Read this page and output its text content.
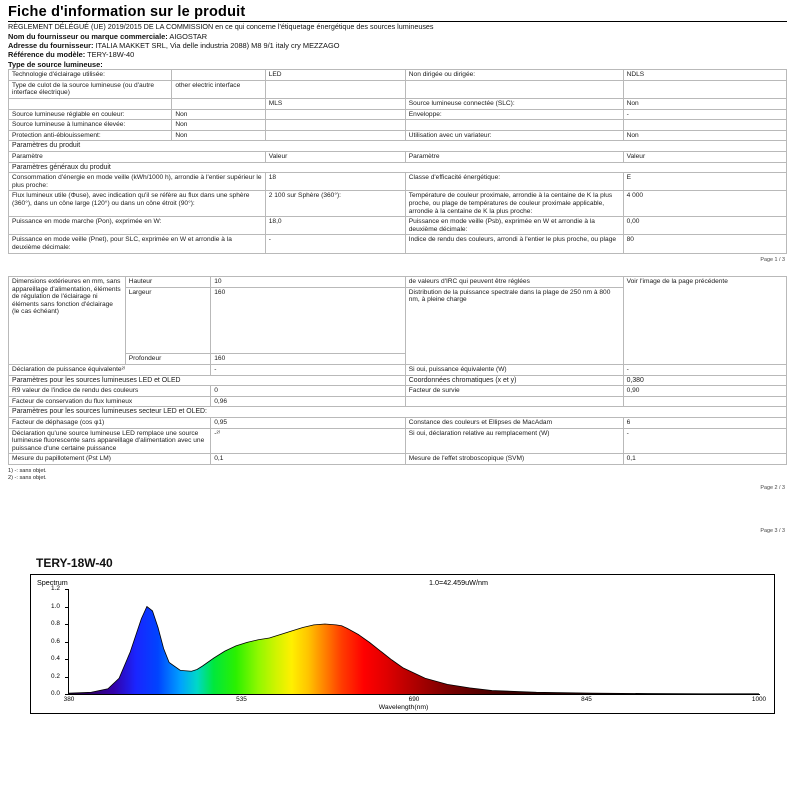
Fiche d'information sur le produit
RÈGLEMENT DÉLÉGUÉ (UE) 2019/2015 DE LA COMMISSION en ce qui concerne l'étiquetage énergétique des sources lumineuses
Nom du fournisseur ou marque commerciale: AIGOSTAR
Adresse du fournisseur: ITALIA MAKKET SRL, Via delle industria 2088) M8 9/1 italy cry MEZZAGO
Référence du modèle: TERY-18W-40
Type de source lumineuse:
Technologie d'éclairage utilisée:		LED	Non dirigée ou dirigée:	NDLS
Type de culot de la source lumineuse (ou d'autre interface électrique)	other electric interface			
		MLS	Source lumineuse connectée (SLC):	Non
Source lumineuse réglable en couleur:	Non		Enveloppe:	-
Source lumineuse à luminance élevée:	Non			
Protection anti-éblouissement:	Non		Utilisation avec un variateur:	Non
Paramètres du produit				
Paramètre		Valeur	Paramètre	Valeur
Paramètres généraux du produit				
Consommation d'énergie en mode veille (kWh/1000 h), arrondie à l'entier supérieur le plus proche:		18	Classe d'efficacité énergétique:	E
Flux lumineux utile (Φuse), avec indication qu'il se réfère au flux dans une sphère (360°), dans un cône large (120°) ou dans un cône étroit (90°):		2 100 sur Sphère (360°):	Température de couleur proximale, arrondie à la centaine de K la plus proche, ou plage de températures de couleur proximale applicable, arrondie à la centaine de K la plus proche:	4 000
Puissance en mode marche (Pon), exprimée en W:		18,0	Puissance en mode veille (Psb), exprimée en W et arrondie à la deuxième décimale:	0,00
Puissance en mode veille (Pnet), pour SLC, exprimée en W et arrondie à la deuxième décimale:		-	Indice de rendu des couleurs, arrondi à l'entier le plus proche, ou plage	80
Page 1 / 3
Dimensions extérieures en mm, sans appareillage d'alimentation, éléments de régulation de l'éclairage ni éléments sans fonction d'éclairage (le cas échéant)	Hauteur	10	de valeurs d'IRC qui peuvent être réglées	Voir l'image de la page précédente
	Largeur	160	Distribution de la puissance spectrale dans la plage de 250 nm à 800 nm, à pleine charge	
	Profondeur	160		
Déclaration de puissance équivalente²⁾		-	Si oui, puissance équivalente (W)	-
Paramètres pour les sources lumineuses LED et OLED			Coordonnées chromatiques (x et y)	0,380
R9 valeur de l'indice de rendu des couleurs		0	Facteur de survie	0,90
Facteur de conservation du flux lumineux		0,96		
Paramètres pour les sources lumineuses secteur LED et OLED:				
Facteur de déphasage (cos φ1)		0,95	Constance des couleurs et Ellipses de MacAdam	6
Déclaration qu'une source lumineuse LED remplace une source lumineuse fluorescente sans appareillage d'alimentation avec une puissance d'une certaine puissance		-²⁾	Si oui, déclaration relative au remplacement (W)	-
Mesure du papillotement (Pst LM)		0,1	Mesure de l'effet stroboscopique (SVM)	0,1
1) -: sans objet.
2) -: sans objet.
Page 2 / 3
Page 3 / 3
TERY-18W-40
Spectrum	1.0=42.459uW/nm
0.0
0.2
0.4
0.6
0.8
1.0
1.2
380	535	690	845	1000
Wavelength(nm)
